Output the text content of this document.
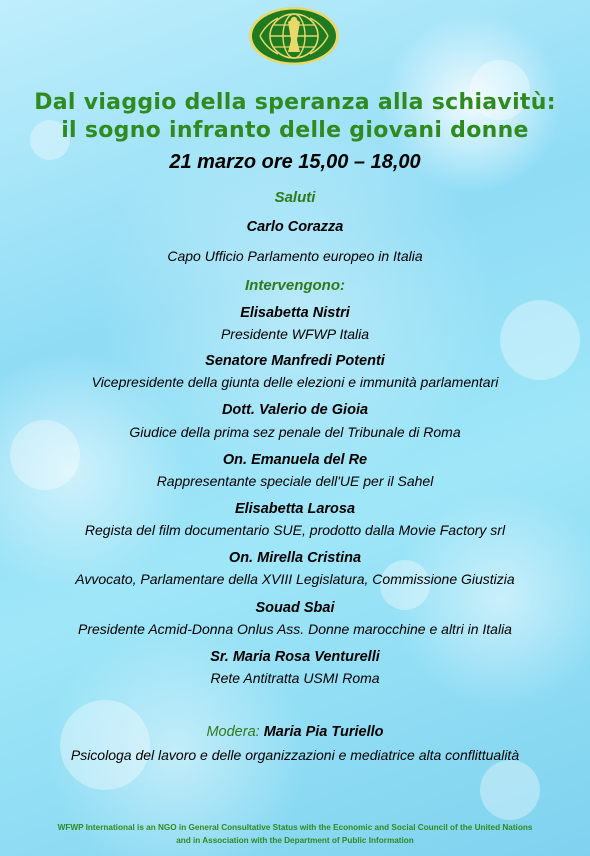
Dal viaggio della speranza alla schiavitù:
il sogno infranto delle giovani donne
21 marzo ore 15,00 – 18,00
Saluti
Carlo Corazza
Capo Ufficio Parlamento europeo in Italia
Intervengono:
Elisabetta Nistri
Presidente WFWP Italia
Senatore Manfredi Potenti
Vicepresidente della giunta delle elezioni e immunità parlamentari
Dott. Valerio de Gioia
Giudice della prima sez penale del Tribunale di Roma
On. Emanuela del Re
Rappresentante speciale dell'UE per il Sahel
Elisabetta Larosa
Regista del film documentario SUE, prodotto dalla Movie Factory srl
On. Mirella Cristina
Avvocato, Parlamentare della XVIII Legislatura, Commissione Giustizia
Souad Sbai
Presidente Acmid-Donna Onlus Ass. Donne marocchine e altri in Italia
Sr. Maria Rosa Venturelli
Rete Antitratta USMI Roma
Modera: Maria Pia Turiello
Psicologa del lavoro e delle organizzazioni e mediatrice alta conflittualità
WFWP International is an NGO in General Consultative Status with the Economic and Social Council of the United Nations
and in Association with the Department of Public Information
